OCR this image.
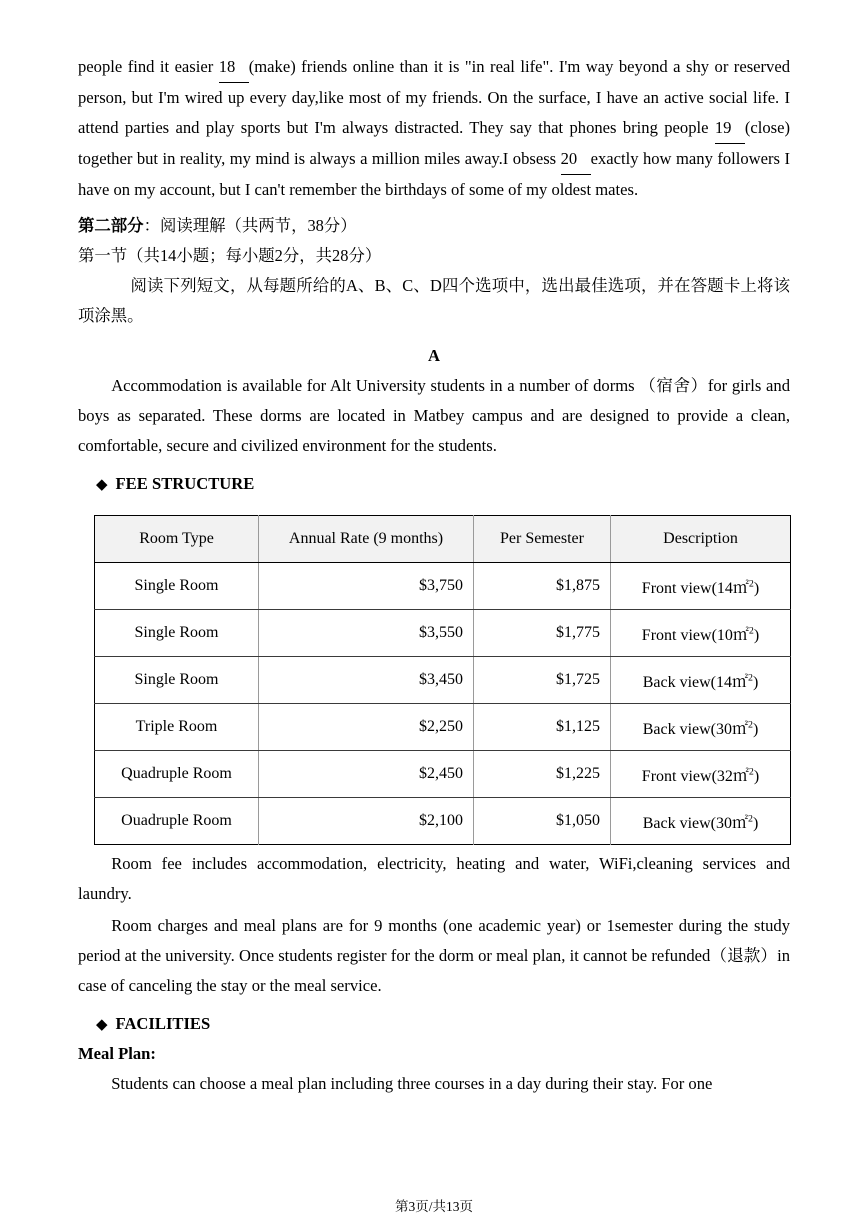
people find it easier 18 (make) friends online than it is "in real life". I'm way beyond a shy or reserved person, but I'm wired up every day,like most of my friends. On the surface, I have an active social life. I attend parties and play sports but I'm always distracted. They say that phones bring people 19 (close) together but in reality, my mind is always a million miles away.I obsess 20 exactly how many followers I have on my account, but I can't remember the birthdays of some of my oldest mates.

第二部分：阅读理解（共两节，38分）

第一节（共14小题；每小题2分，共28分）

阅读下列短文，从每题所给的A、B、C、D四个选项中，选出最佳选项，并在答题卡上将该项涂黑。

A

Accommodation is available for Alt University students in a number of dorms （宿舍）for girls and boys as separated. These dorms are located in Matbey campus and are designed to provide a clean, comfortable, secure and civilized environment for the students.

◆ FEE STRUCTURE

Room Type	Annual Rate (9 months)	Per Semester	Description
Single Room	$3,750	$1,875	Front view(14㎡$^2$)
Single Room	$3,550	$1,775	Front view(10㎡$^2$)
Single Room	$3,450	$1,725	Back view(14㎡$^2$)
Triple Room	$2,250	$1,125	Back view(30㎡$^2$)
Quadruple Room	$2,450	$1,225	Front view(32㎡$^2$)
Ouadruple Room	$2,100	$1,050	Back view(30㎡$^2$)

Room fee includes accommodation, electricity, heating and water, WiFi,cleaning services and laundry.

Room charges and meal plans are for 9 months (one academic year) or 1semester during the study period at the university. Once students register for the dorm or meal plan, it cannot be refunded（退款）in case of canceling the stay or the meal service.

◆ FACILITIES

Meal Plan:

Students can choose a meal plan including three courses in a day during their stay. For one

第3页/共13页
